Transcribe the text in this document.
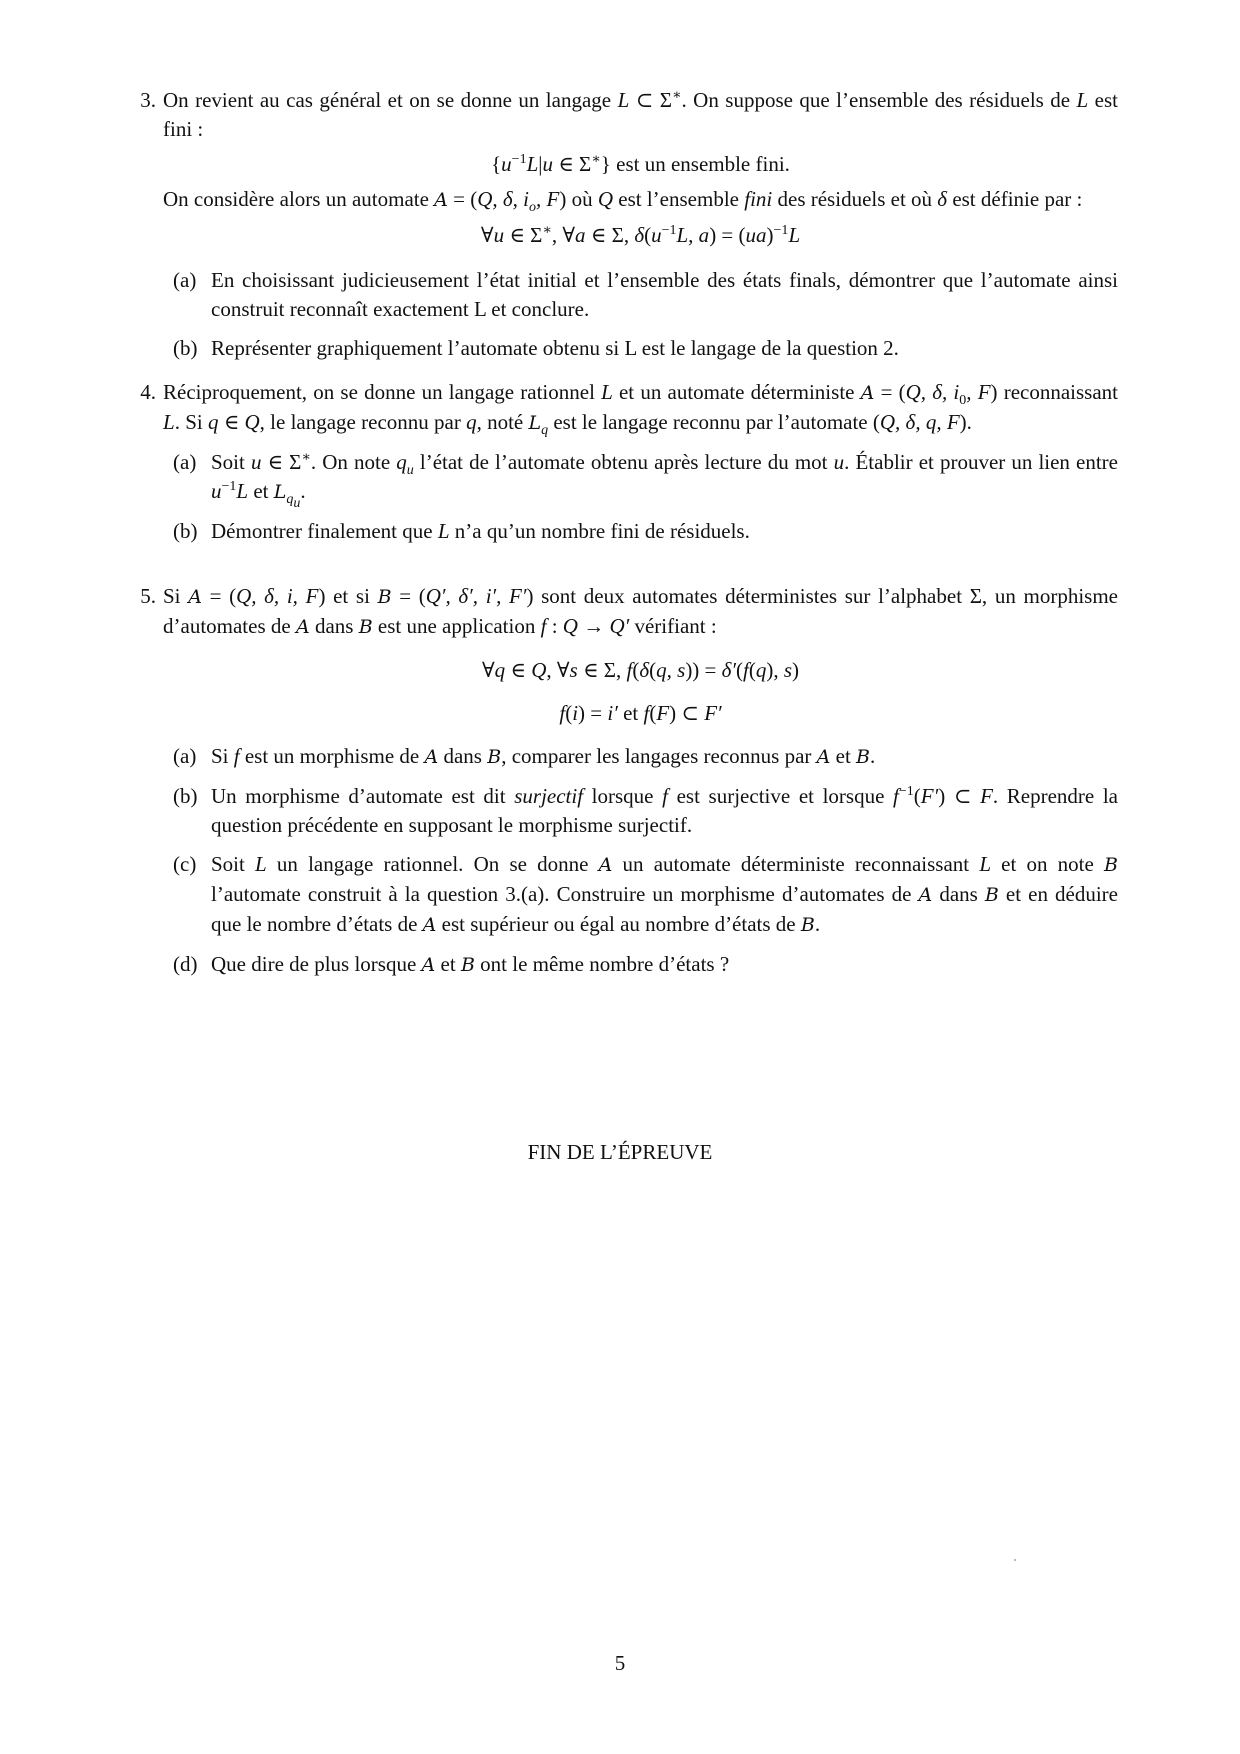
3. On revient au cas général et on se donne un langage L ⊂ Σ∗. On suppose que l’ensemble des résiduels de L est fini :

{$u^{-1}L|u$ ∈ Σ∗} est un ensemble fini.

On considère alors un automate A = (Q, δ, $i_o$, F) où Q est l’ensemble fini des résiduels et où δ est définie par :

∀u ∈ Σ∗, ∀a ∈ Σ, $\delta(u^{-1}L$, a) = (ua)$^{-1}$L

(a) En choisissant judicieusement l’état initial et l’ensemble des états finals, démontrer que l’automate ainsi construit reconnaît exactement L et conclure.

(b) Représenter graphiquement l’automate obtenu si L est le langage de la question 2.

4. Réciproquement, on se donne un langage rationnel L et un automate déterministe A = (Q, δ, $i_0$, F) reconnaissant L. Si q ∈ Q, le langage reconnu par q, noté $L_q$ est le langage reconnu par l’automate (Q, δ, q, F).

(a) Soit u ∈ Σ∗. On note $q_u$ l’état de l’automate obtenu après lecture du mot u. Établir et prouver un lien entre $u^{-1}L$ et $L_{q_u}$.

(b) Démontrer finalement que L n’a qu’un nombre fini de résiduels.

5. Si A = (Q, δ, i, F) et si B = (Q′, δ′, i′, F′) sont deux automates déterministes sur l’alphabet Σ, un morphisme d’automates de A dans B est une application f : Q → Q′ vérifiant :

∀q ∈ Q, ∀s ∈ Σ, f(δ(q, s)) = δ′(f(q), s)

f(i) = i′ et f(F) ⊂ F′

(a) Si f est un morphisme de A dans B, comparer les langages reconnus par A et B.

(b) Un morphisme d’automate est dit surjectif lorsque f est surjective et lorsque $f^{-1}(F')$ ⊂ F. Reprendre la question précédente en supposant le morphisme surjectif.

(c) Soit L un langage rationnel. On se donne A un automate déterministe reconnaissant L et on note B l’automate construit à la question 3.(a). Construire un morphisme d’automates de A dans B et en déduire que le nombre d’états de A est supérieur ou égal au nombre d’états de B.

(d) Que dire de plus lorsque A et B ont le même nombre d’états ?

FIN DE L’ÉPREUVE
5
